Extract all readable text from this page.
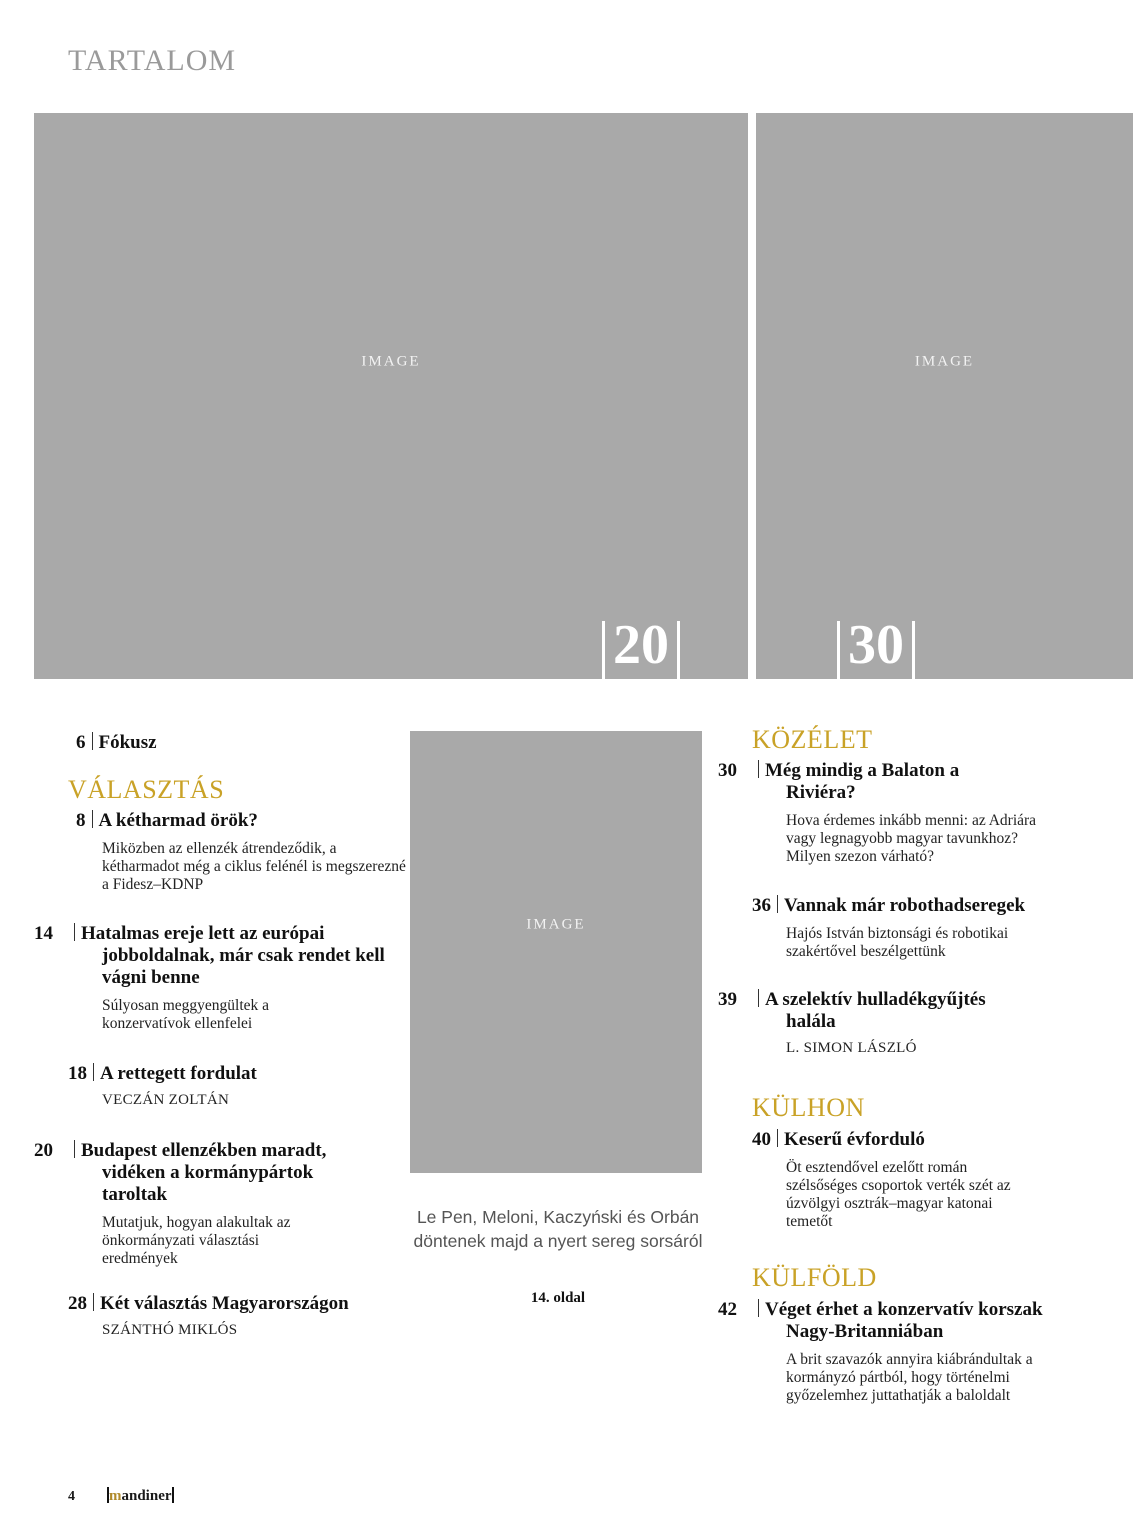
TARTALOM
IMAGE
20
IMAGE
30
IMAGE
Le Pen, Meloni, Kaczyński és Orbán döntenek majd a nyert sereg sorsáról
14. oldal
6 Fókusz
VÁLASZTÁS
8 A kétharmad örök?
Miközben az ellenzék átrendeződik, a kétharmadot még a ciklus felénél is megszerezné a Fidesz–KDNP
14 Hatalmas ereje lett az európai jobboldalnak, már csak rendet kell vágni benne
Súlyosan meggyengültek a konzervatívok ellenfelei
18 A rettegett fordulat
VECZÁN ZOLTÁN
20 Budapest ellenzékben maradt, vidéken a kormánypártok taroltak
Mutatjuk, hogyan alakultak az önkormányzati választási eredmények
28 Két választás Magyarországon
SZÁNTHÓ MIKLÓS
KÖZÉLET
30 Még mindig a Balaton a Riviéra?
Hova érdemes inkább menni: az Adriára vagy legnagyobb magyar tavunkhoz? Milyen szezon várható?
36 Vannak már robothadseregek
Hajós István biztonsági és robotikai szakértővel beszélgettünk
39 A szelektív hulladékgyűjtés halála
L. SIMON LÁSZLÓ
KÜLHON
40 Keserű évforduló
Öt esztendővel ezelőtt román szélsőséges csoportok verték szét az úzvölgyi osztrák–magyar katonai temetőt
KÜLFÖLD
42 Véget érhet a konzervatív korszak Nagy-Britanniában
A brit szavazók annyira kiábrándultak a kormányzó pártból, hogy történelmi győzelemhez juttathatják a baloldalt
4 mandiner
